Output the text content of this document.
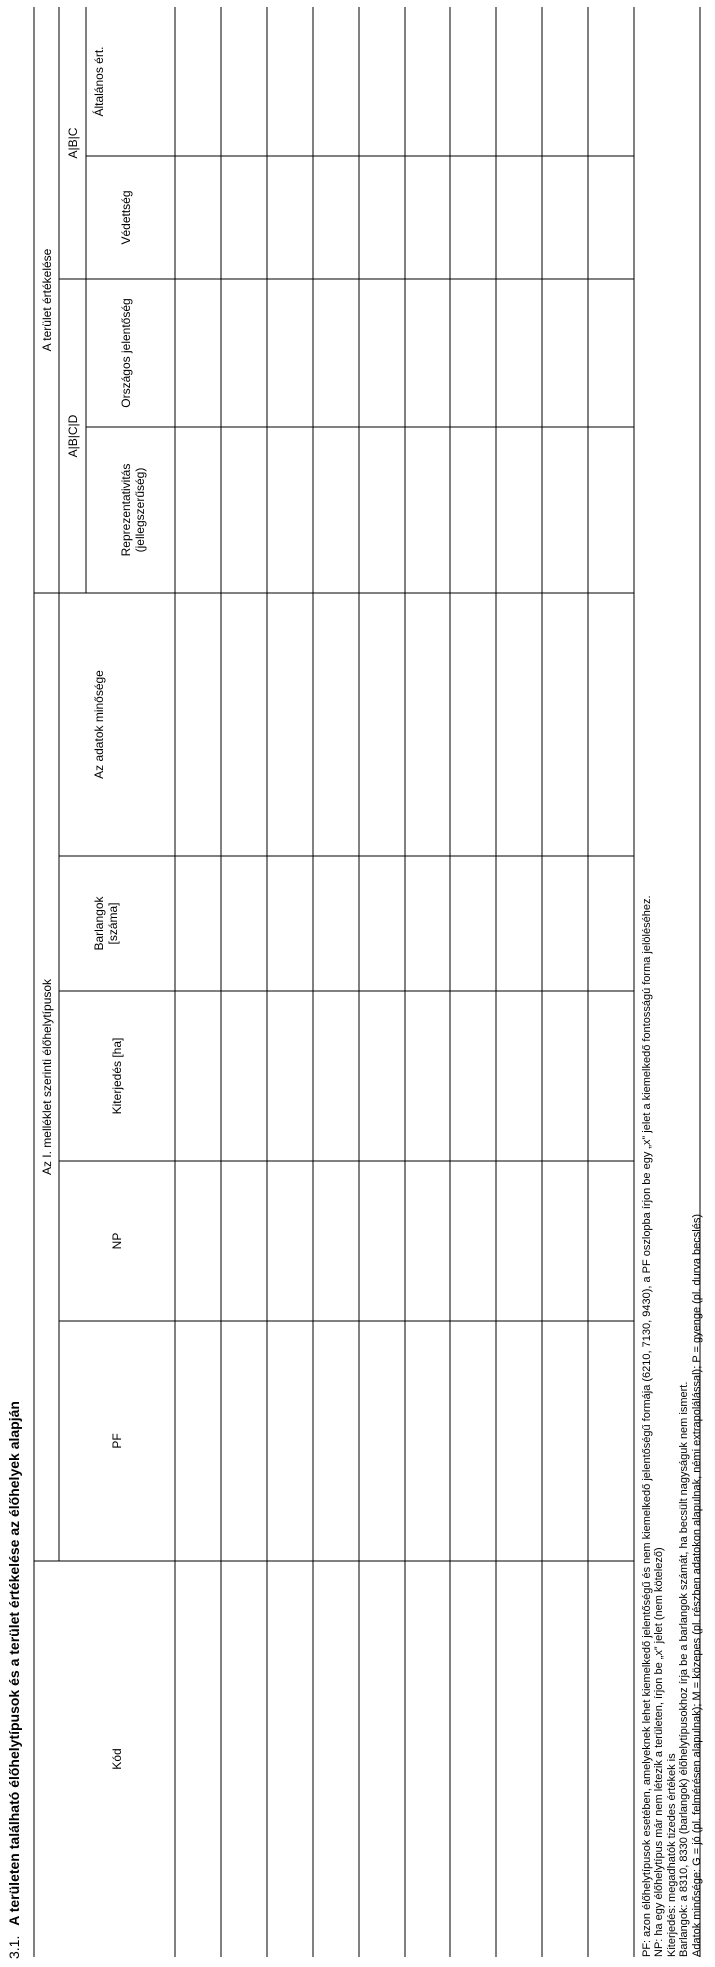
3.1. A területen található élőhelytípusok és a terület értékelése az élőhelyek alapján
Az I. melléklet szerinti élőhelytípusok
A terület értékelése
A|B|C|D
A|B|C
Kód
PF
NP
Kiterjedés [ha]
Barlangok [száma]
Az adatok minősége
Reprezentativitás (jellegszerűség)
Országos jelentőség
Védettség
Általános ért.
PF: azon élőhelytípusok esetében, amelyeknek lehet kiemelkedő jelentőségű és nem kiemelkedő jelentőségű formája (6210, 7130, 9430), a PF oszlopba írjon be egy „x” jelet a kiemelkedő fontosságú forma jelöléséhez. NP: ha egy élőhelytípus már nem létezik a területen, írjon be „x” jelet (nem kötelező) Kiterjedés: megadhatók tizedes értékek is Barlangok: a 8310, 8330 (barlangok) élőhelytípusokhoz írja be a barlangok számát, ha becsült nagyságuk nem ismert. Adatok minősége: G = jó (pl. felmérésen alapulnak); M = közepes (pl. részben adatokon alapulnak, némi extrapolálással); P = gyenge (pl. durva becslés)
